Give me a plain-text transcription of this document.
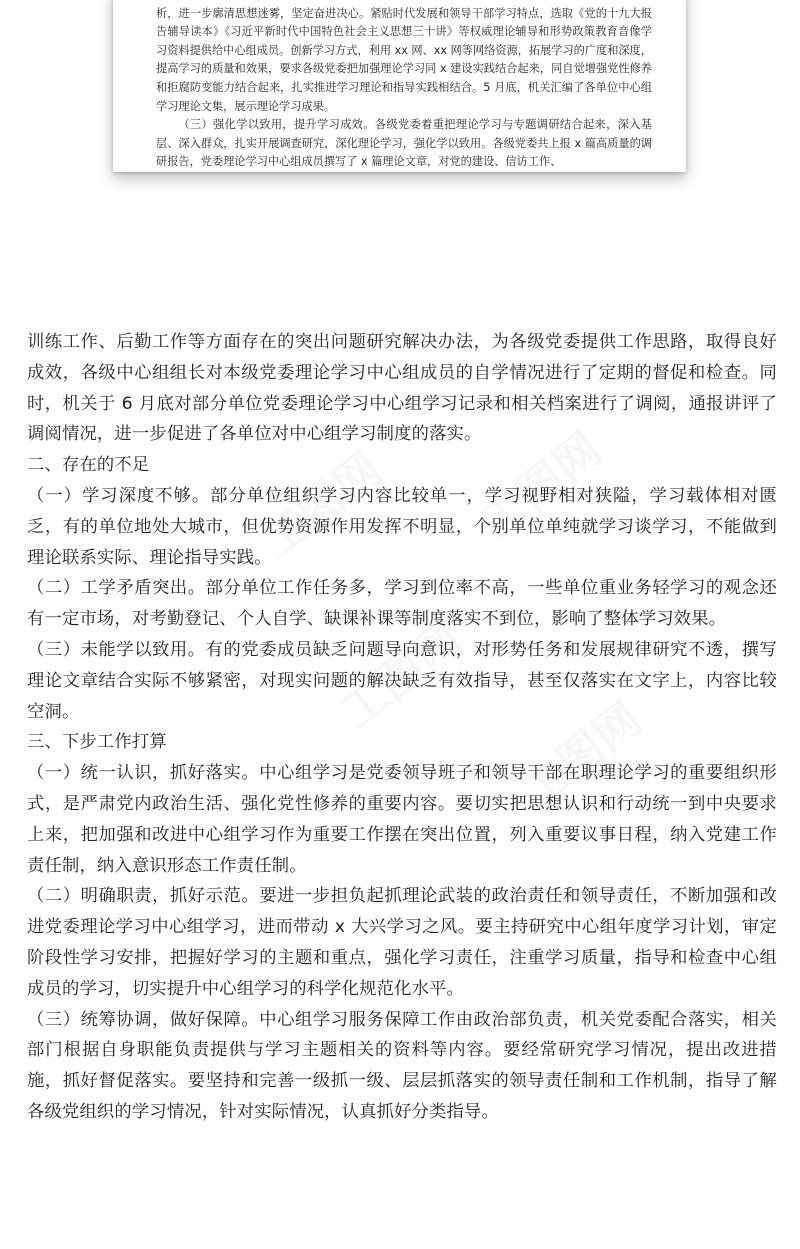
工图网 工图网
工图网
工图网

析，进一步廓清思想迷雾，坚定奋进决心。紧贴时代发展和领导干部学习特点，选取《党的十九大报告辅导读本》《习近平新时代中国特色社会主义思想三十讲》等权威理论辅导和形势政策教育音像学习资料提供给中心组成员。创新学习方式，利用 xx 网、xx 网等网络资源，拓展学习的广度和深度，提高学习的质量和效果，要求各级党委把加强理论学习同 x 建设实践结合起来，同自觉增强党性修养和拒腐防变能力结合起来，扎实推进学习理论和指导实践相结合。5 月底，机关汇编了各单位中心组学习理论文集，展示理论学习成果。

（三）强化学以致用，提升学习成效。各级党委着重把理论学习与专题调研结合起来，深入基层、深入群众，扎实开展调查研究，深化理论学习，强化学以致用。各级党委共上报 x 篇高质量的调研报告，党委理论学习中心组成员撰写了 x 篇理论文章，对党的建设、信访工作、

训练工作、后勤工作等方面存在的突出问题研究解决办法，为各级党委提供工作思路，取得良好成效，各级中心组组长对本级党委理论学习中心组成员的自学情况进行了定期的督促和检查。同时，机关于 6 月底对部分单位党委理论学习中心组学习记录和相关档案进行了调阅，通报讲评了调阅情况，进一步促进了各单位对中心组学习制度的落实。

二、存在的不足

（一）学习深度不够。部分单位组织学习内容比较单一，学习视野相对狭隘，学习载体相对匮乏，有的单位地处大城市，但优势资源作用发挥不明显，个别单位单纯就学习谈学习，不能做到理论联系实际、理论指导实践。

（二）工学矛盾突出。部分单位工作任务多，学习到位率不高，一些单位重业务轻学习的观念还有一定市场，对考勤登记、个人自学、缺课补课等制度落实不到位，影响了整体学习效果。

（三）未能学以致用。有的党委成员缺乏问题导向意识，对形势任务和发展规律研究不透，撰写理论文章结合实际不够紧密，对现实问题的解决缺乏有效指导，甚至仅落实在文字上，内容比较空洞。

三、下步工作打算

（一）统一认识，抓好落实。中心组学习是党委领导班子和领导干部在职理论学习的重要组织形式，是严肃党内政治生活、强化党性修养的重要内容。要切实把思想认识和行动统一到中央要求上来，把加强和改进中心组学习作为重要工作摆在突出位置，列入重要议事日程，纳入党建工作责任制，纳入意识形态工作责任制。

（二）明确职责，抓好示范。要进一步担负起抓理论武装的政治责任和领导责任，不断加强和改进党委理论学习中心组学习，进而带动 x 大兴学习之风。要主持研究中心组年度学习计划，审定阶段性学习安排，把握好学习的主题和重点，强化学习责任，注重学习质量，指导和检查中心组成员的学习，切实提升中心组学习的科学化规范化水平。

（三）统筹协调，做好保障。中心组学习服务保障工作由政治部负责，机关党委配合落实，相关部门根据自身职能负责提供与学习主题相关的资料等内容。要经常研究学习情况，提出改进措施，抓好督促落实。要坚持和完善一级抓一级、层层抓落实的领导责任制和工作机制，指导了解各级党组织的学习情况，针对实际情况，认真抓好分类指导。
